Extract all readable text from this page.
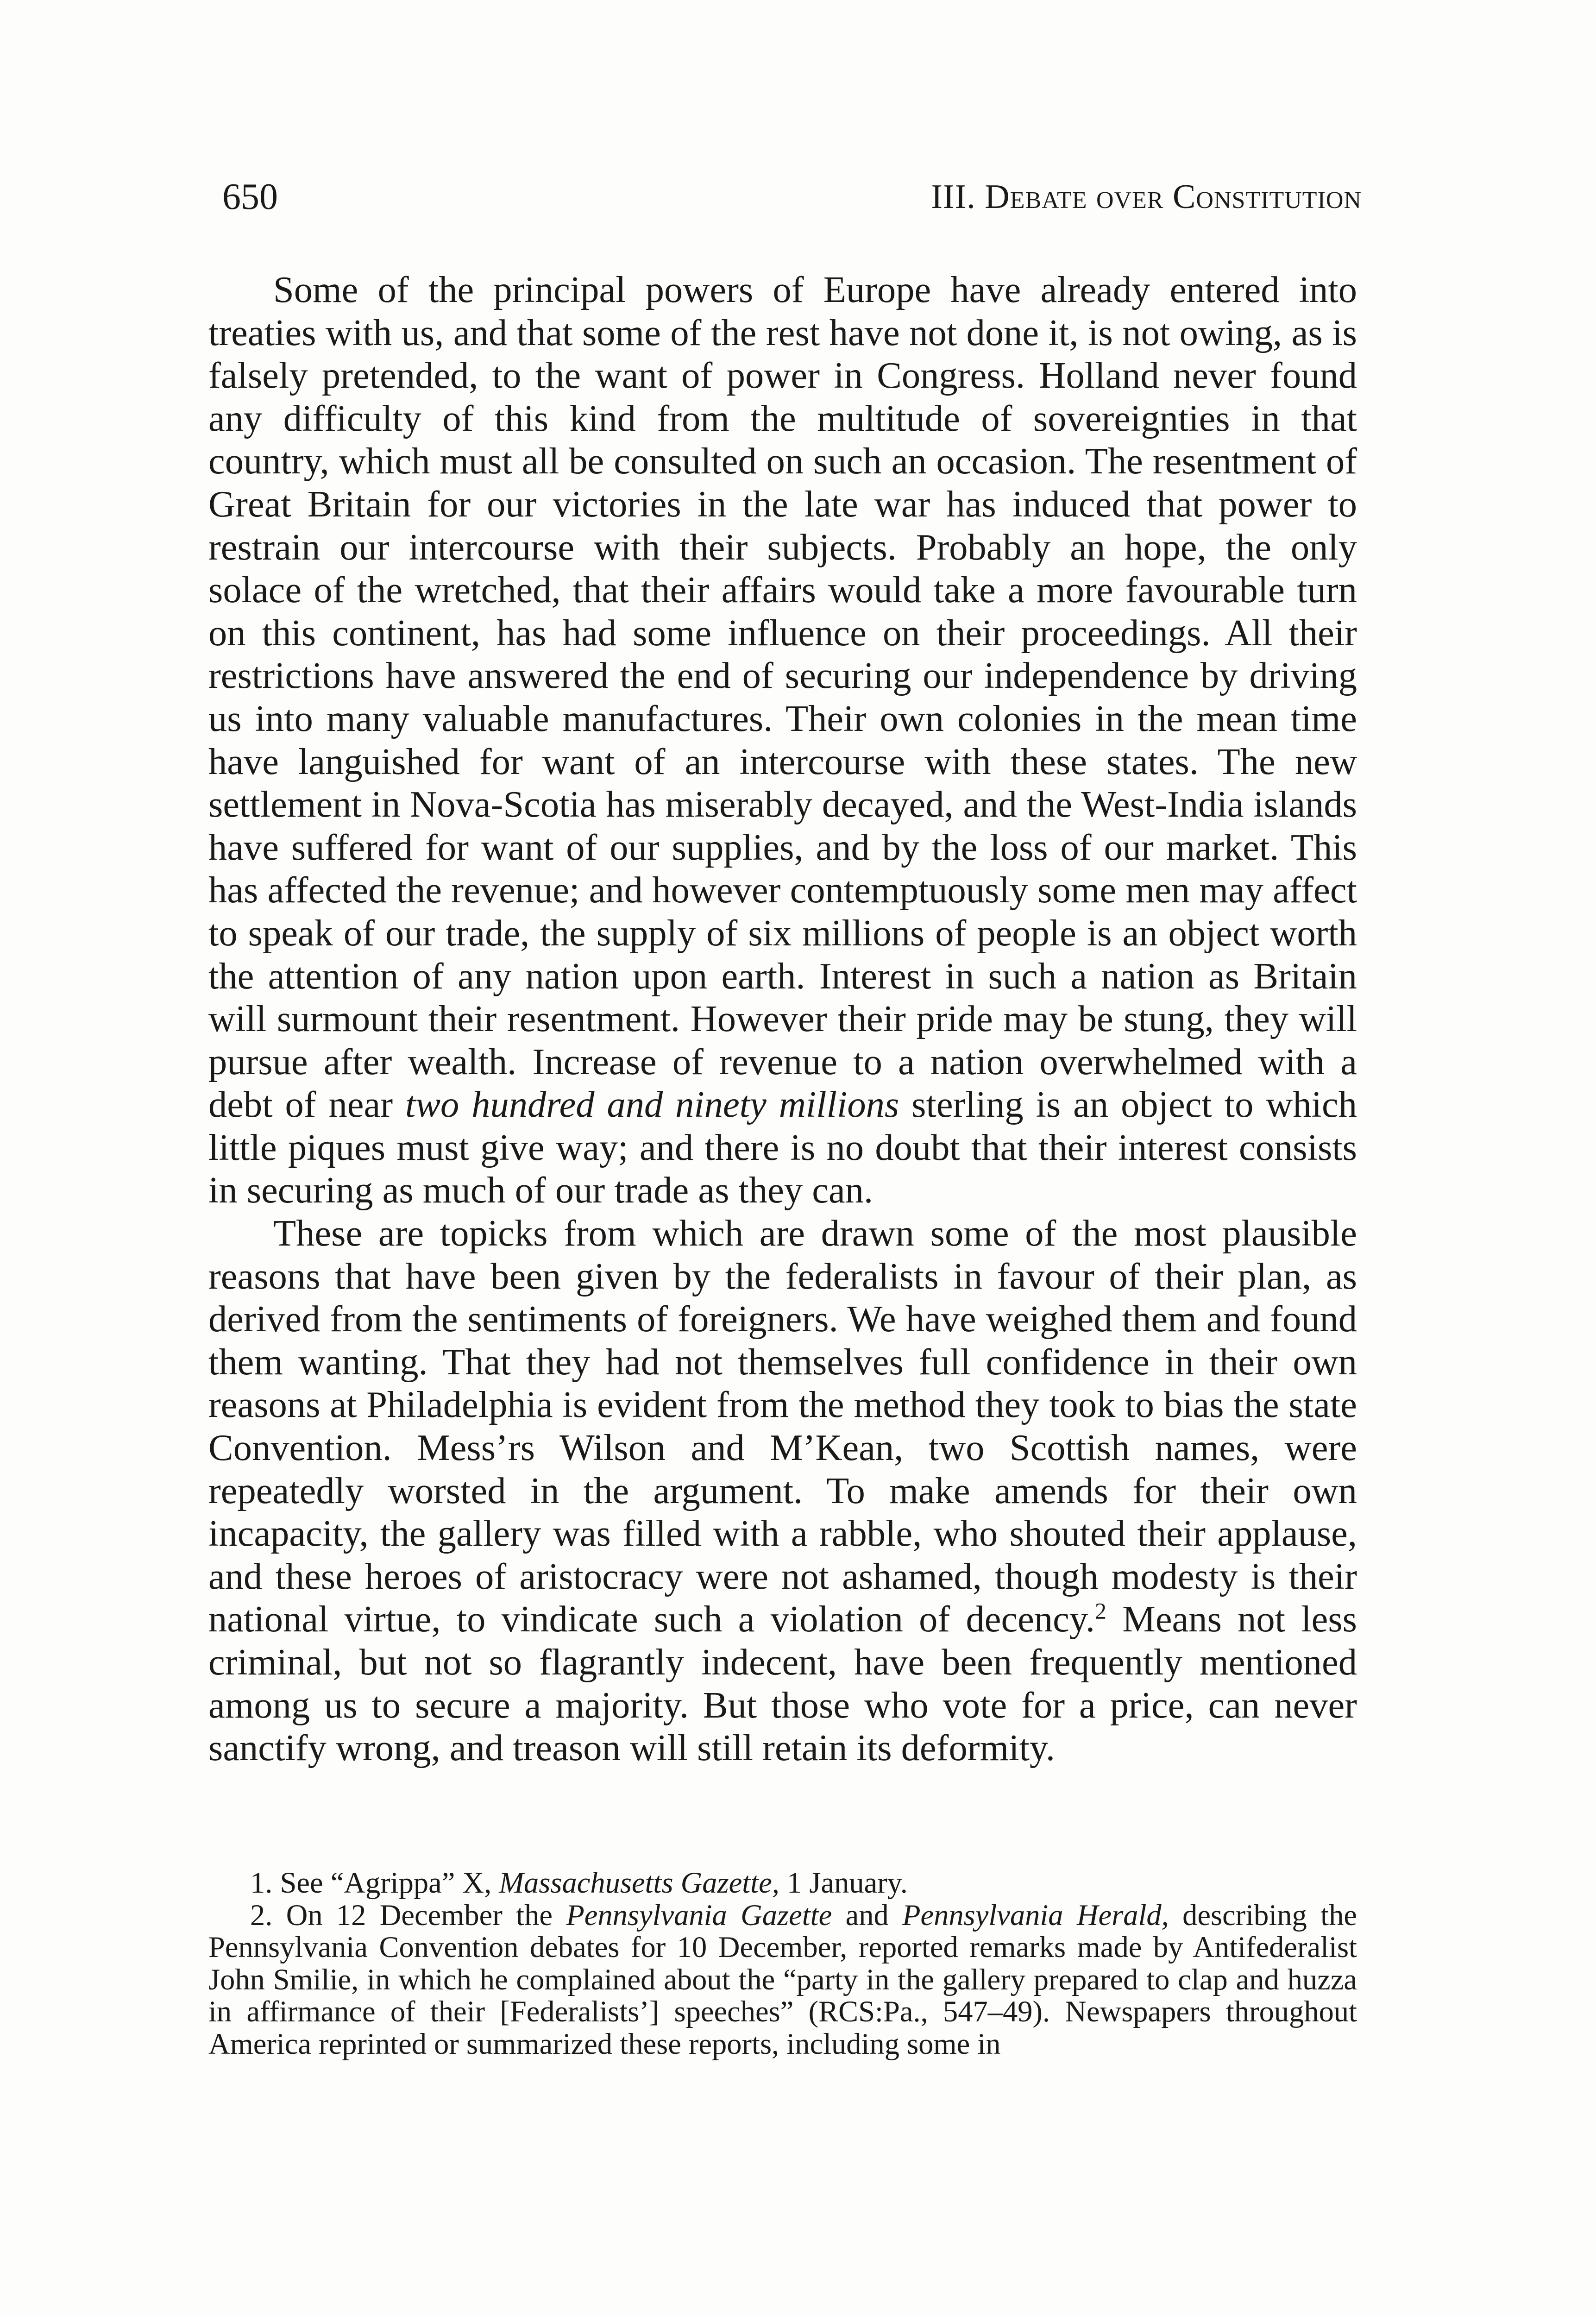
650	III. Debate over Constitution

Some of the principal powers of Europe have already entered into treaties with us, and that some of the rest have not done it, is not owing, as is falsely pretended, to the want of power in Congress. Holland never found any difficulty of this kind from the multitude of sovereignties in that country, which must all be consulted on such an occasion. The resentment of Great Britain for our victories in the late war has induced that power to restrain our intercourse with their subjects. Probably an hope, the only solace of the wretched, that their affairs would take a more favourable turn on this continent, has had some influence on their proceedings. All their restrictions have answered the end of securing our independence by driving us into many valuable manufactures. Their own colonies in the mean time have languished for want of an intercourse with these states. The new settlement in Nova-Scotia has miserably decayed, and the West-India islands have suffered for want of our supplies, and by the loss of our market. This has affected the revenue; and however contemptuously some men may affect to speak of our trade, the supply of six millions of people is an object worth the attention of any nation upon earth. Interest in such a nation as Britain will surmount their resentment. However their pride may be stung, they will pursue after wealth. Increase of revenue to a nation overwhelmed with a debt of near two hundred and ninety millions sterling is an object to which little piques must give way; and there is no doubt that their interest consists in securing as much of our trade as they can.

These are topicks from which are drawn some of the most plausible reasons that have been given by the federalists in favour of their plan, as derived from the sentiments of foreigners. We have weighed them and found them wanting. That they had not themselves full confidence in their own reasons at Philadelphia is evident from the method they took to bias the state Convention. Mess’rs Wilson and M’Kean, two Scottish names, were repeatedly worsted in the argument. To make amends for their own incapacity, the gallery was filled with a rabble, who shouted their applause, and these heroes of aristocracy were not ashamed, though modesty is their national virtue, to vindicate such a violation of decency.$^2$ Means not less criminal, but not so flagrantly indecent, have been frequently mentioned among us to secure a majority. But those who vote for a price, can never sanctify wrong, and treason will still retain its deformity.

1. See “Agrippa” X, Massachusetts Gazette, 1 January.

2. On 12 December the Pennsylvania Gazette and Pennsylvania Herald, describing the Pennsylvania Convention debates for 10 December, reported remarks made by Antifederalist John Smilie, in which he complained about the “party in the gallery prepared to clap and huzza in affirmance of their [Federalists’] speeches” (RCS:Pa., 547–49). Newspapers throughout America reprinted or summarized these reports, including some in
